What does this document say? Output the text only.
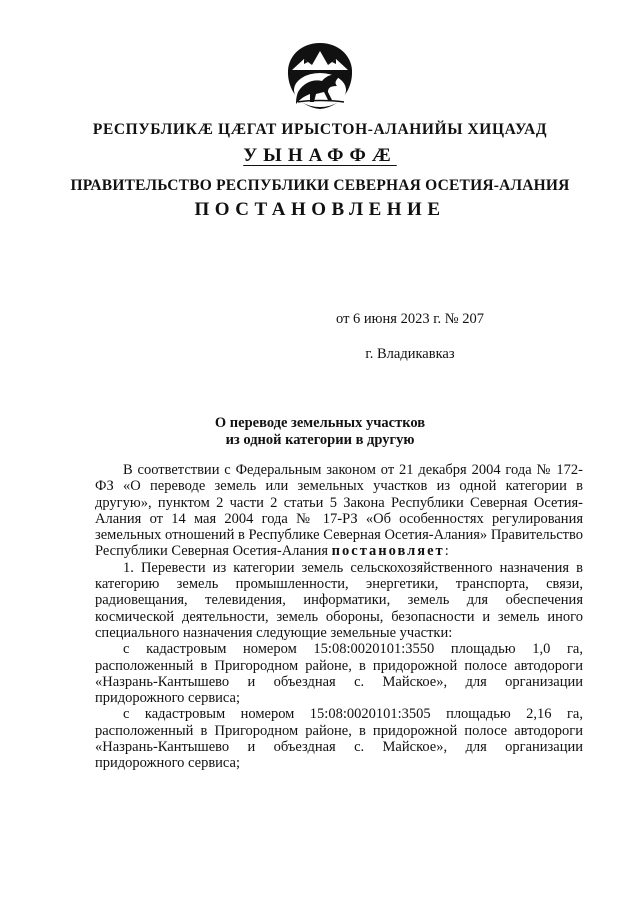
РЕСПУБЛИКӔ ЦӔГАТ ИРЫСТОН-АЛАНИЙЫ ХИЦАУАД
УЫНАФФӔ
ПРАВИТЕЛЬСТВО РЕСПУБЛИКИ СЕВЕРНАЯ ОСЕТИЯ-АЛАНИЯ
ПОСТАНОВЛЕНИЕ
от 6 июня 2023 г. № 207
г. Владикавказ
О переводе земельных участков
из одной категории в другую

В соответствии с Федеральным законом от 21 декабря 2004 года № 172-ФЗ «О переводе земель или земельных участков из одной категории в другую», пунктом 2 части 2 статьи 5 Закона Республики Северная Осетия-Алания от 14 мая 2004 года № 17-РЗ «Об особенностях регулирования земельных отношений в Республике Северная Осетия-Алания» Правительство Республики Северная Осетия-Алания постановляет:

1. Перевести из категории земель сельскохозяйственного назначения в категорию земель промышленности, энергетики, транспорта, связи, радиовещания, телевидения, информатики, земель для обеспечения космической деятельности, земель обороны, безопасности и земель иного специального назначения следующие земельные участки:

с кадастровым номером 15:08:0020101:3550 площадью 1,0 га, расположенный в Пригородном районе, в придорожной полосе автодороги «Назрань-Кантышево и объездная с. Майское», для организации придорожного сервиса;

с кадастровым номером 15:08:0020101:3505 площадью 2,16 га, расположенный в Пригородном районе, в придорожной полосе автодороги «Назрань-Кантышево и объездная с. Майское», для организации придорожного сервиса;
